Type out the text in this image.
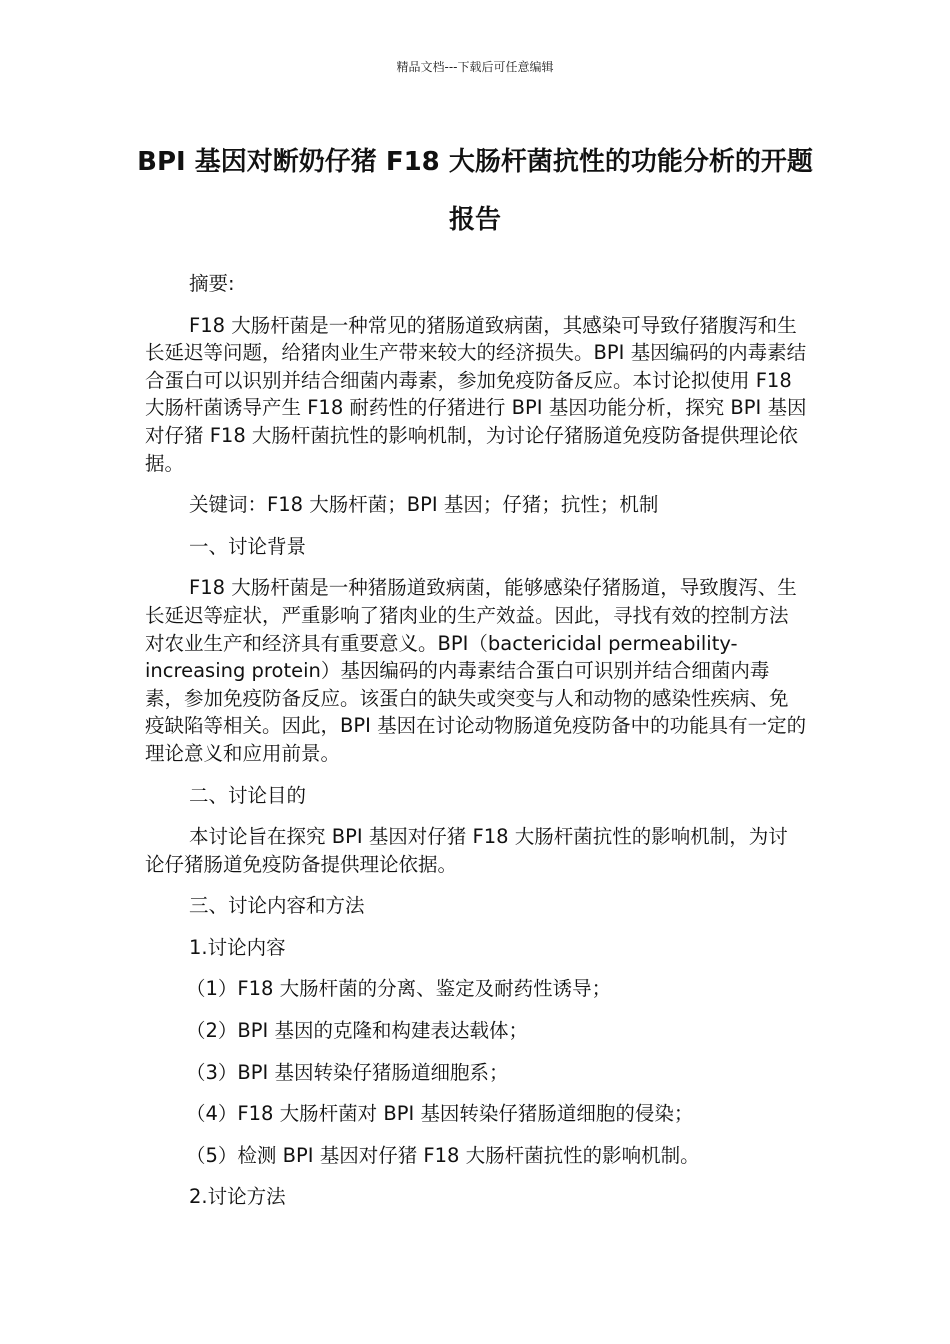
精品文档---下载后可任意编辑
BPI 基因对断奶仔猪 F18 大肠杆菌抗性的功能分析的开题报告

摘要:

F18 大肠杆菌是一种常见的猪肠道致病菌，其感染可导致仔猪腹泻和生长延迟等问题，给猪肉业生产带来较大的经济损失。BPI 基因编码的内毒素结合蛋白可以识别并结合细菌内毒素，参加免疫防备反应。本讨论拟使用 F18 大肠杆菌诱导产生 F18 耐药性的仔猪进行 BPI 基因功能分析，探究 BPI 基因对仔猪 F18 大肠杆菌抗性的影响机制，为讨论仔猪肠道免疫防备提供理论依据。

关键词：F18 大肠杆菌；BPI 基因；仔猪；抗性；机制

一、讨论背景

F18 大肠杆菌是一种猪肠道致病菌，能够感染仔猪肠道，导致腹泻、生长延迟等症状，严重影响了猪肉业的生产效益。因此，寻找有效的控制方法对农业生产和经济具有重要意义。BPI（bactericidal permeability-increasing protein）基因编码的内毒素结合蛋白可识别并结合细菌内毒素，参加免疫防备反应。该蛋白的缺失或突变与人和动物的感染性疾病、免疫缺陷等相关。因此，BPI 基因在讨论动物肠道免疫防备中的功能具有一定的理论意义和应用前景。

二、讨论目的

本讨论旨在探究 BPI 基因对仔猪 F18 大肠杆菌抗性的影响机制，为讨论仔猪肠道免疫防备提供理论依据。

三、讨论内容和方法

1.讨论内容

（1）F18 大肠杆菌的分离、鉴定及耐药性诱导；

（2）BPI 基因的克隆和构建表达载体；

（3）BPI 基因转染仔猪肠道细胞系；

（4）F18 大肠杆菌对 BPI 基因转染仔猪肠道细胞的侵染；

（5）检测 BPI 基因对仔猪 F18 大肠杆菌抗性的影响机制。

2.讨论方法
